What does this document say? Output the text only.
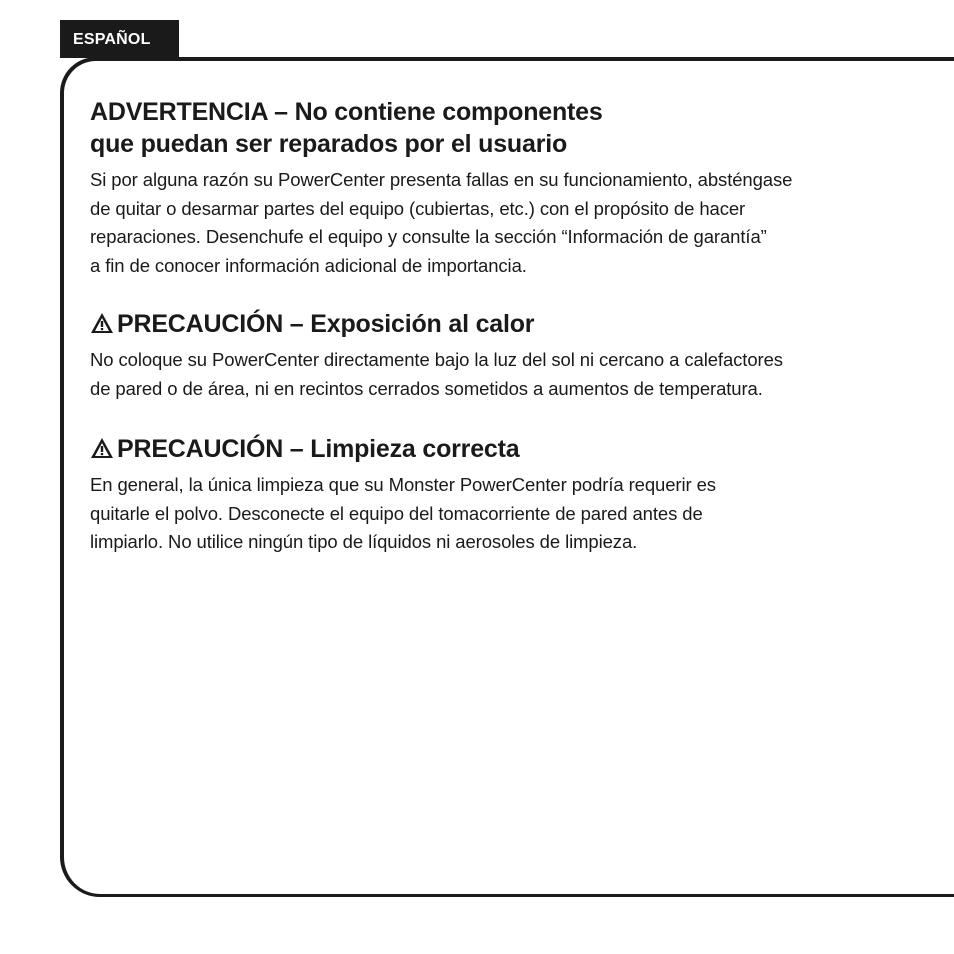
ESPAÑOL
ADVERTENCIA – No contiene componentes
que puedan ser reparados por el usuario

Si por alguna razón su PowerCenter presenta fallas en su funcionamiento, absténgase
de quitar o desarmar partes del equipo (cubiertas, etc.) con el propósito de hacer
reparaciones. Desenchufe el equipo y consulte la sección “Información de garantía”
a fin de conocer información adicional de importancia.

PRECAUCIÓN – Exposición al calor

No coloque su PowerCenter directamente bajo la luz del sol ni cercano a calefactores
de pared o de área, ni en recintos cerrados sometidos a aumentos de temperatura.

PRECAUCIÓN – Limpieza correcta

En general, la única limpieza que su Monster PowerCenter podría requerir es
quitarle el polvo. Desconecte el equipo del tomacorriente de pared antes de
limpiarlo. No utilice ningún tipo de líquidos ni aerosoles de limpieza.
